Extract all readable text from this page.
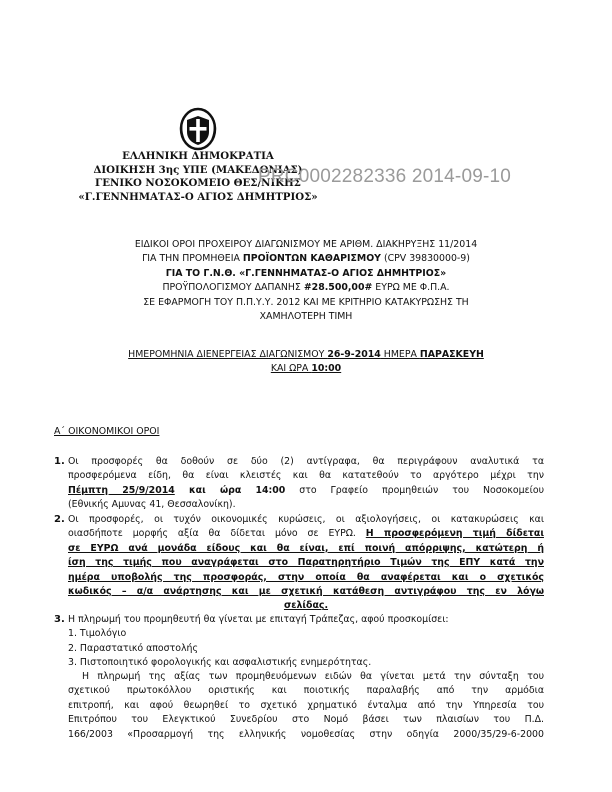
ΕΛΛΗΝΙΚΗ ΔΗΜΟΚΡΑΤΙΑ
ΔΙΟΙΚΗΣΗ 3ης ΥΠΕ (ΜΑΚΕΔΟΝΙΑΣ)
ΓΕΝΙΚΟ ΝΟΣΟΚΟΜΕΙΟ ΘΕΣ/ΝΙΚΗΣ
«Γ.ΓΕΝΝΗΜΑΤΑΣ-Ο ΑΓΙΟΣ ΔΗΜΗΤΡΙΟΣ»
PRC0002282336 2014-09-10
ΕΙΔΙΚΟΙ ΟΡΟΙ ΠΡΟΧΕΙΡΟΥ ΔΙΑΓΩΝΙΣΜΟΥ ΜΕ ΑΡΙΘΜ. ΔΙΑΚΗΡΥΞΗΣ 11/2014
ΓΙΑ ΤΗΝ ΠΡΟΜΗΘΕΙΑ ΠΡΟΪΟΝΤΩΝ ΚΑΘΑΡΙΣΜΟΥ (CPV 39830000-9)
ΓΙΑ ΤΟ Γ.Ν.Θ. «Γ.ΓΕΝΝΗΜΑΤΑΣ-Ο ΑΓΙΟΣ ΔΗΜΗΤΡΙΟΣ»
ΠΡΟΫΠΟΛΟΓΙΣΜΟΥ ΔΑΠΑΝΗΣ #28.500,00# ΕΥΡΩ ΜΕ Φ.Π.Α.
ΣΕ ΕΦΑΡΜΟΓΗ ΤΟΥ Π.Π.Υ.Υ. 2012 ΚΑΙ ΜΕ ΚΡΙΤΗΡΙΟ ΚΑΤΑΚΥΡΩΣΗΣ ΤΗ
ΧΑΜΗΛΟΤΕΡΗ ΤΙΜΗ
ΗΜΕΡΟΜΗΝΙΑ ΔΙΕΝΕΡΓΕΙΑΣ ΔΙΑΓΩΝΙΣΜΟΥ 26-9-2014 ΗΜΕΡΑ ΠΑΡΑΣΚΕΥΗ
ΚΑΙ ΩΡΑ 10:00
Α΄ ΟΙΚΟΝΟΜΙΚΟΙ ΟΡΟΙ
1. Οι προσφορές θα δοθούν σε δύο (2) αντίγραφα, θα περιγράφουν αναλυτικά τα
προσφερόμενα είδη, θα είναι κλειστές και θα κατατεθούν το αργότερο μέχρι την
Πέμπτη 25/9/2014 και ώρα 14:00 στο Γραφείο προμηθειών του Νοσοκομείου
(Εθνικής Αμυνας 41, Θεσσαλονίκη).
2. Οι προσφορές, οι τυχόν οικονομικές κυρώσεις, οι αξιολογήσεις, οι κατακυρώσεις και
οιασδήποτε μορφής αξία θα δίδεται μόνο σε ΕΥΡΩ. Η προσφερόμενη τιμή δίδεται
σε ΕΥΡΩ ανά μονάδα είδους και θα είναι, επί ποινή απόρριψης, κατώτερη ή
ίση της τιμής που αναγράφεται στο Παρατηρητήριο Τιμών της ΕΠΥ κατά την
ημέρα υποβολής της προσφοράς, στην οποία θα αναφέρεται και ο σχετικός
κωδικός – α/α ανάρτησης και με σχετική κατάθεση αντιγράφου της εν λόγω
σελίδας.
3. Η πληρωμή του προμηθευτή θα γίνεται με επιταγή Τράπεζας, αφού προσκομίσει:
1. Τιμολόγιο
2. Παραστατικό αποστολής
3. Πιστοποιητικό φορολογικής και ασφαλιστικής ενημερότητας.
Η πληρωμή της αξίας των προμηθευόμενων ειδών θα γίνεται μετά την σύνταξη του
σχετικού πρωτοκόλλου οριστικής και ποιοτικής παραλαβής από την αρμόδια
επιτροπή, και αφού θεωρηθεί το σχετικό χρηματικό ένταλμα από την Υπηρεσία του
Επιτρόπου του Ελεγκτικού Συνεδρίου στο Νομό βάσει των πλαισίων του Π.Δ.
166/2003 «Προσαρμογή της ελληνικής νομοθεσίας στην οδηγία 2000/35/29-6-2000
